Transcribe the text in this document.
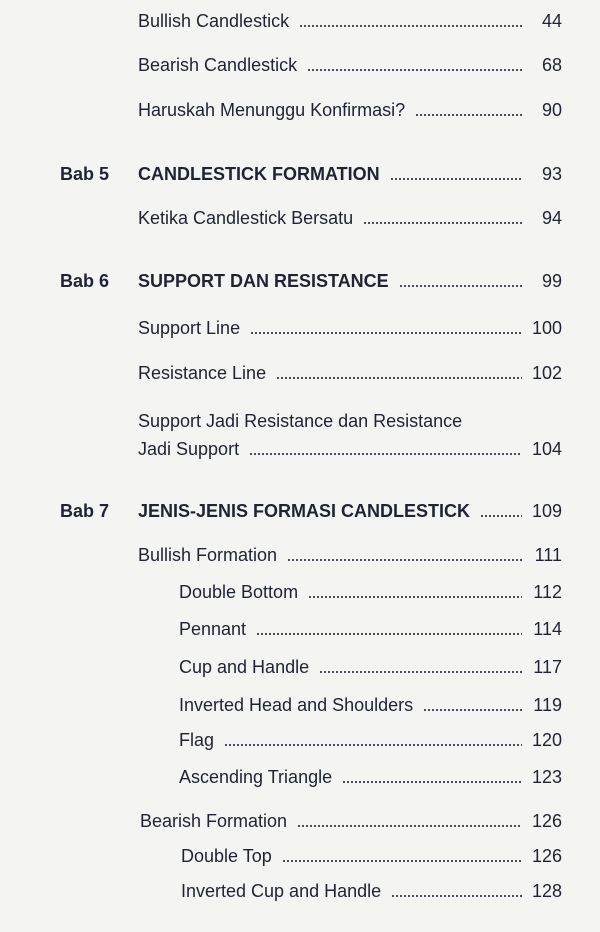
Bullish Candlestick	44
Bearish Candlestick	68
Haruskah Menunggu Konfirmasi?	90
Bab 5 CANDLESTICK FORMATION	93
Ketika Candlestick Bersatu	94
Bab 6 SUPPORT DAN RESISTANCE	99
Support Line	100
Resistance Line	102
Support Jadi Resistance dan Resistance
Jadi Support	104
Bab 7 JENIS-JENIS FORMASI CANDLESTICK	109
Bullish Formation	111
Double Bottom	112
Pennant	114
Cup and Handle	117
Inverted Head and Shoulders	119
Flag	120
Ascending Triangle	123
Bearish Formation	126
Double Top	126
Inverted Cup and Handle	128
